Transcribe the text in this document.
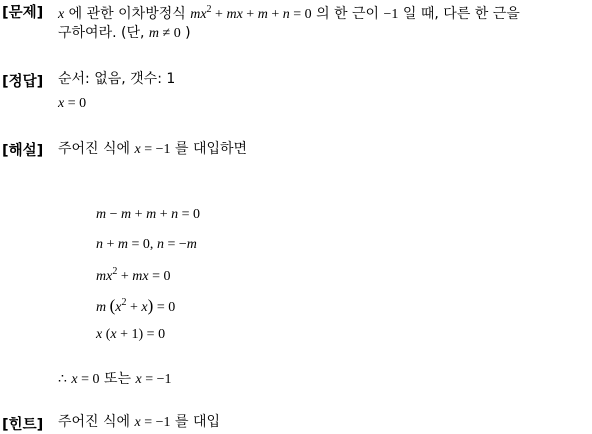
[문제] x 에 관한 이차방정식 $mx^2$ + mx + m + n = 0 의 한 근이 −1 일 때, 다른 한 근을
구하여라. (단, m ≠ 0 )
[정답] 순서: 없음, 갯수: 1
x = 0
[해설] 주어진 식에 x = −1 를 대입하면
m − m + m + n = 0
n + m = 0, n = −m
$mx^2$ + mx = 0
m $(x^2 + x) = 0$
x (x + 1) = 0
∴ x = 0 또는 x = −1
[힌트] 주어진 식에 x = −1 를 대입
